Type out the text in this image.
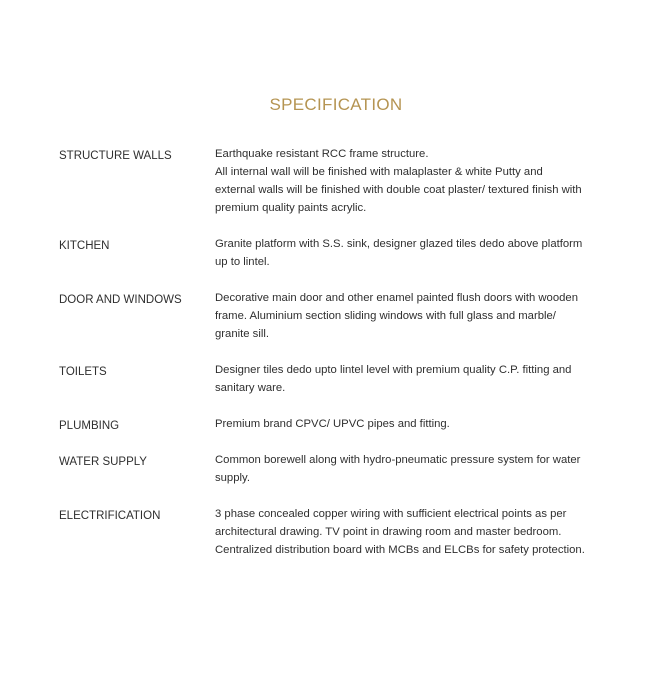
SPECIFICATION
STRUCTURE WALLS	Earthquake resistant RCC frame structure.
All internal wall will be finished with malaplaster & white Putty and
external walls will be finished with double coat plaster/ textured finish with
premium quality paints acrylic.
KITCHEN	Granite platform with S.S. sink, designer glazed tiles dedo above platform
up to lintel.
DOOR AND WINDOWS	Decorative main door and other enamel painted flush doors with wooden
frame. Aluminium section sliding windows with full glass and marble/
granite sill.
TOILETS	Designer tiles dedo upto lintel level with premium quality C.P. fitting and
sanitary ware.
PLUMBING	Premium brand CPVC/ UPVC pipes and fitting.
WATER SUPPLY	Common borewell along with hydro-pneumatic pressure system for water
supply.
ELECTRIFICATION	3 phase concealed copper wiring with sufficient electrical points as per
architectural drawing. TV point in drawing room and master bedroom.
Centralized distribution board with MCBs and ELCBs for safety protection.
